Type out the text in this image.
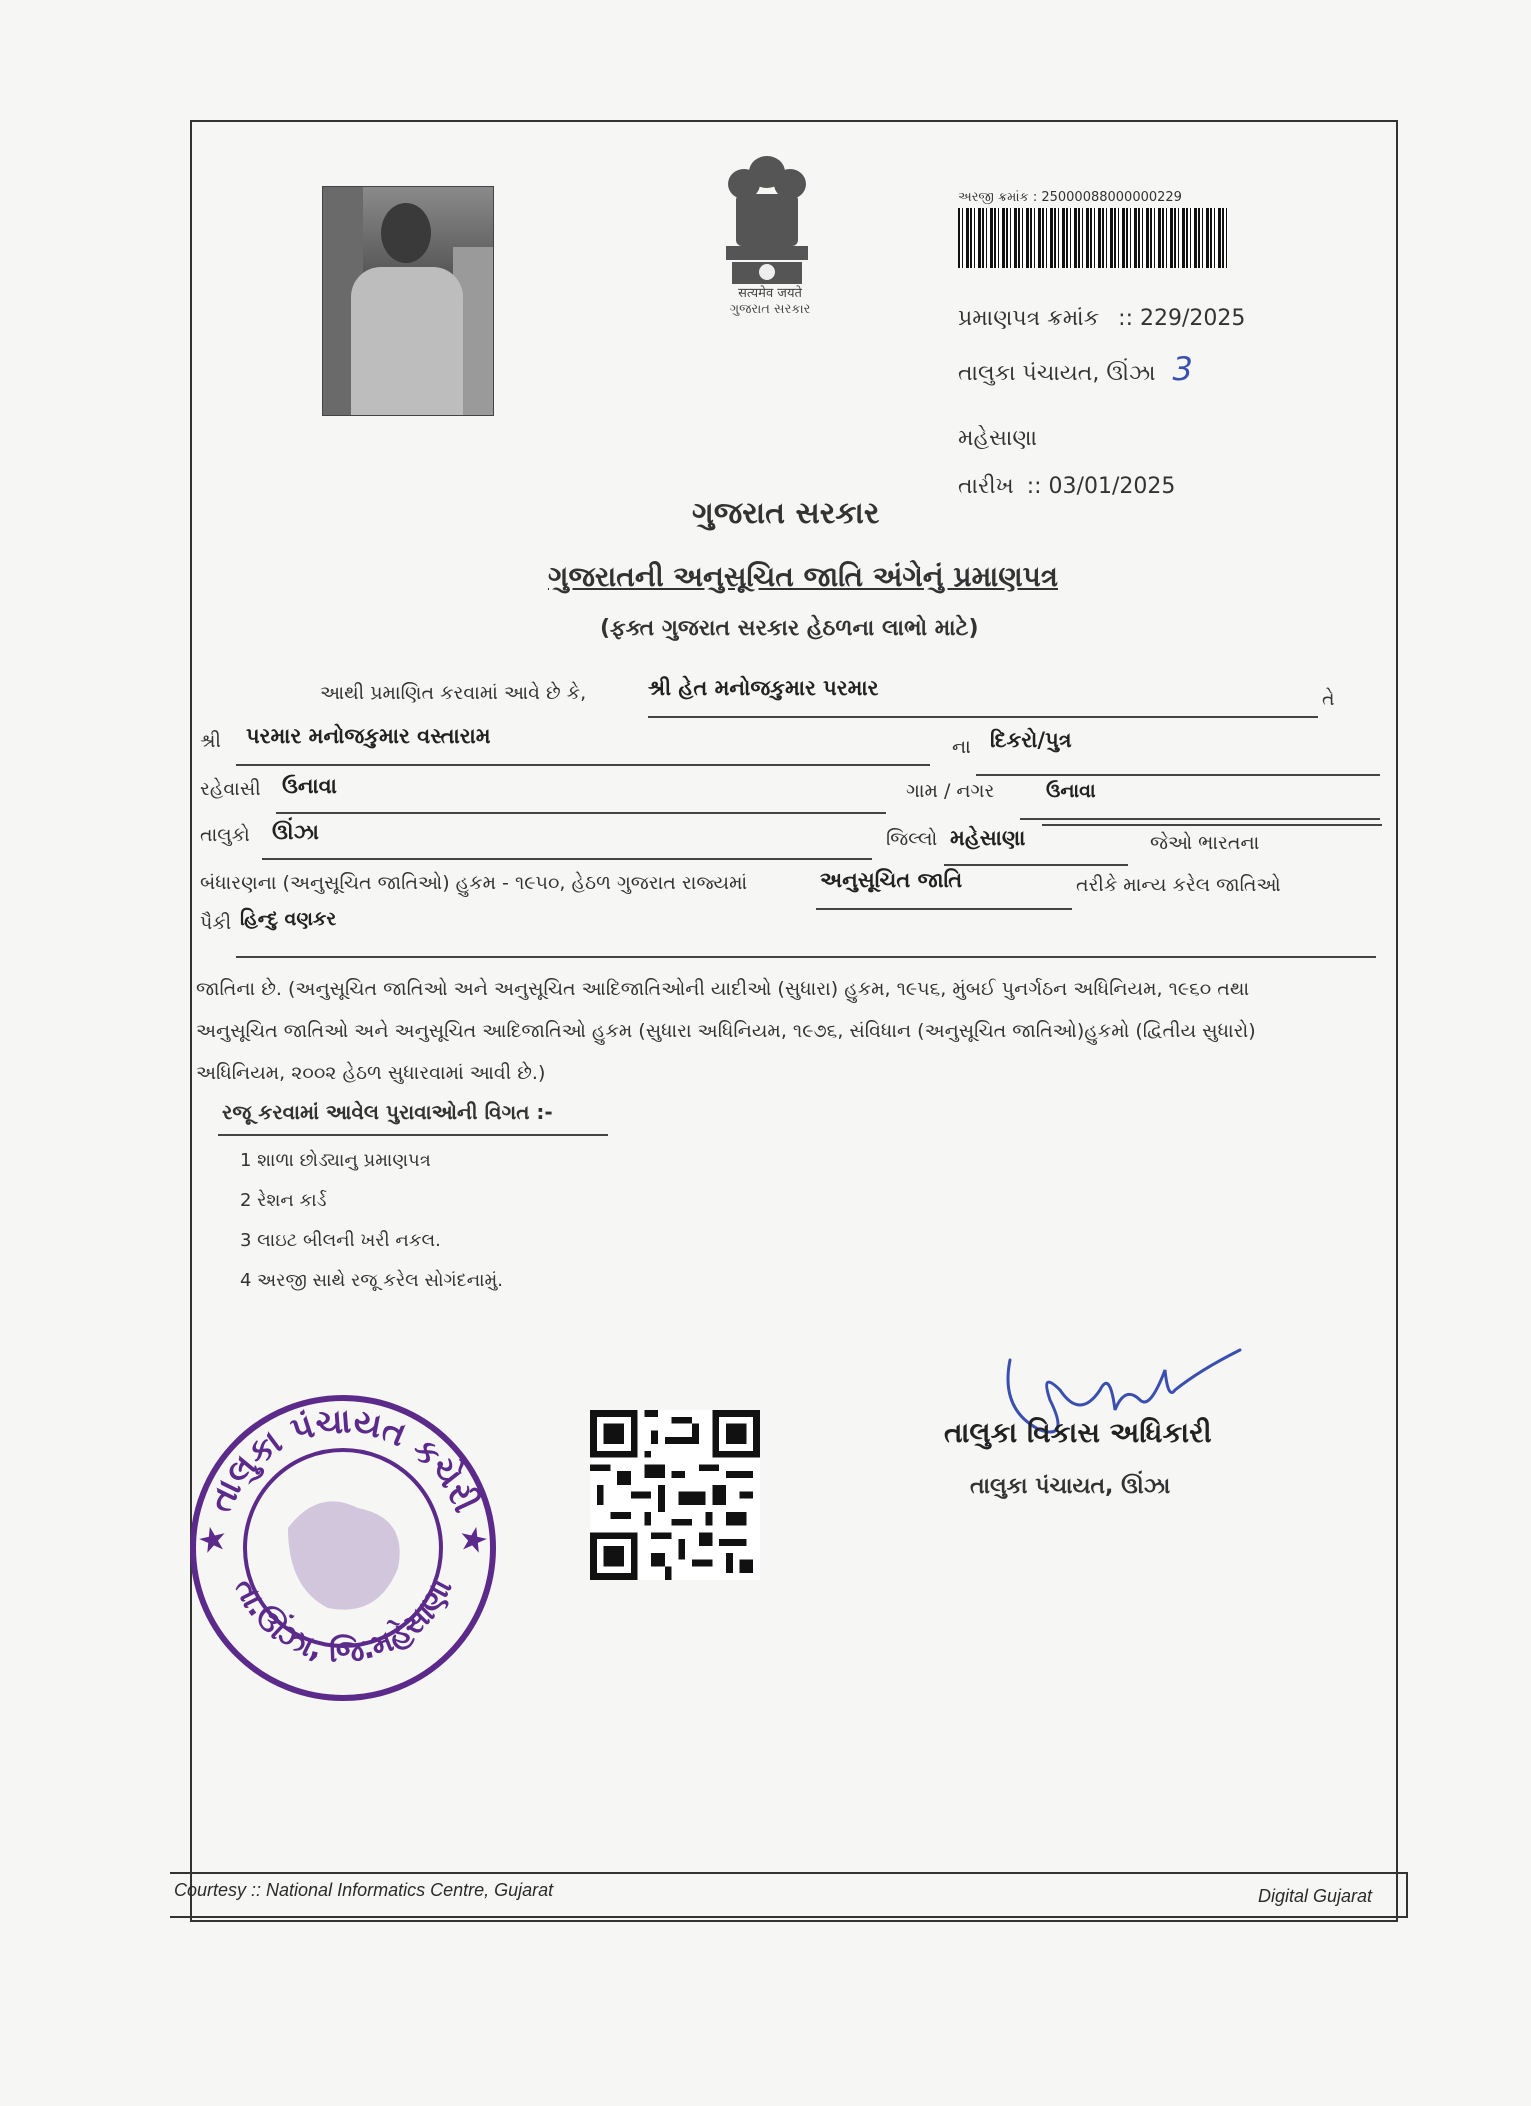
सत्यमेव जयते
ગુજરાત સરકાર
અરજી ક્રમાંક : 25000088000000229
પ્રમાણપત્ર ક્રમાંક :: 229/2025
તાલુકા પંચાયત, ઊંઝા 3
મહેસાણા
તારીખ :: 03/01/2025
ગુજરાત સરકાર
ગુજરાતની અનુસૂચિત જાતિ અંગેનું પ્રમાણપત્ર
(ફક્ત ગુજરાત સરકાર હેઠળના લાભો માટે)
આથી પ્રમાણિત કરવામાં આવે છે કે,	શ્રી હેત મનોજકુમાર પરમાર	તે
શ્રી પરમાર મનોજકુમાર વસ્તારામ	ના દિકરો/પુત્ર
રહેવાસી ઉનાવા	ગામ / નગર	ઉનાવા
તાલુકો ઊંઝા	જિલ્લો મહેસાણા	જેઓ ભારતના
બંધારણના (અનુસૂચિત જાતિઓ) હુકમ - ૧૯૫૦, હેઠળ ગુજરાત રાજ્યમાં	અનુસૂચિત જાતિ	તરીકે માન્ય કરેલ જાતિઓ
પૈકી હિન્દુ વણકર
જાતિના છે. (અનુસૂચિત જાતિઓ અને અનુસૂચિત આદિજાતિઓની યાદીઓ (સુધારા) હુકમ, ૧૯૫૬, મુંબઈ પુનર્ગઠન અધિનિયમ, ૧૯૬૦ તથા
અનુસૂચિત જાતિઓ અને અનુસૂચિત આદિજાતિઓ હુકમ (સુધારા અધિનિયમ, ૧૯૭૬, સંવિધાન (અનુસૂચિત જાતિઓ)હુકમો (દ્વિતીય સુધારો)
અધિનિયમ, ૨૦૦૨ હેઠળ સુધારવામાં આવી છે.)
રજૂ કરવામાં આવેલ પુરાવાઓની વિગત :-
1 શાળા છોડ્યાનુ પ્રમાણપત્ર
2 રેશન કાર્ડ
3 લાઇટ બીલની ખરી નકલ.
4 અરજી સાથે રજૂ કરેલ સોગંદનામું.
★ તાલુકા પંચાયત કચેરી ★
તા.ઊંઝા, જિ.મહેસાણા
તાલુકા વિકાસ અધિકારી
તાલુકા પંચાયત, ઊંઝા
Courtesy :: National Informatics Centre, Gujarat	Digital Gujarat
